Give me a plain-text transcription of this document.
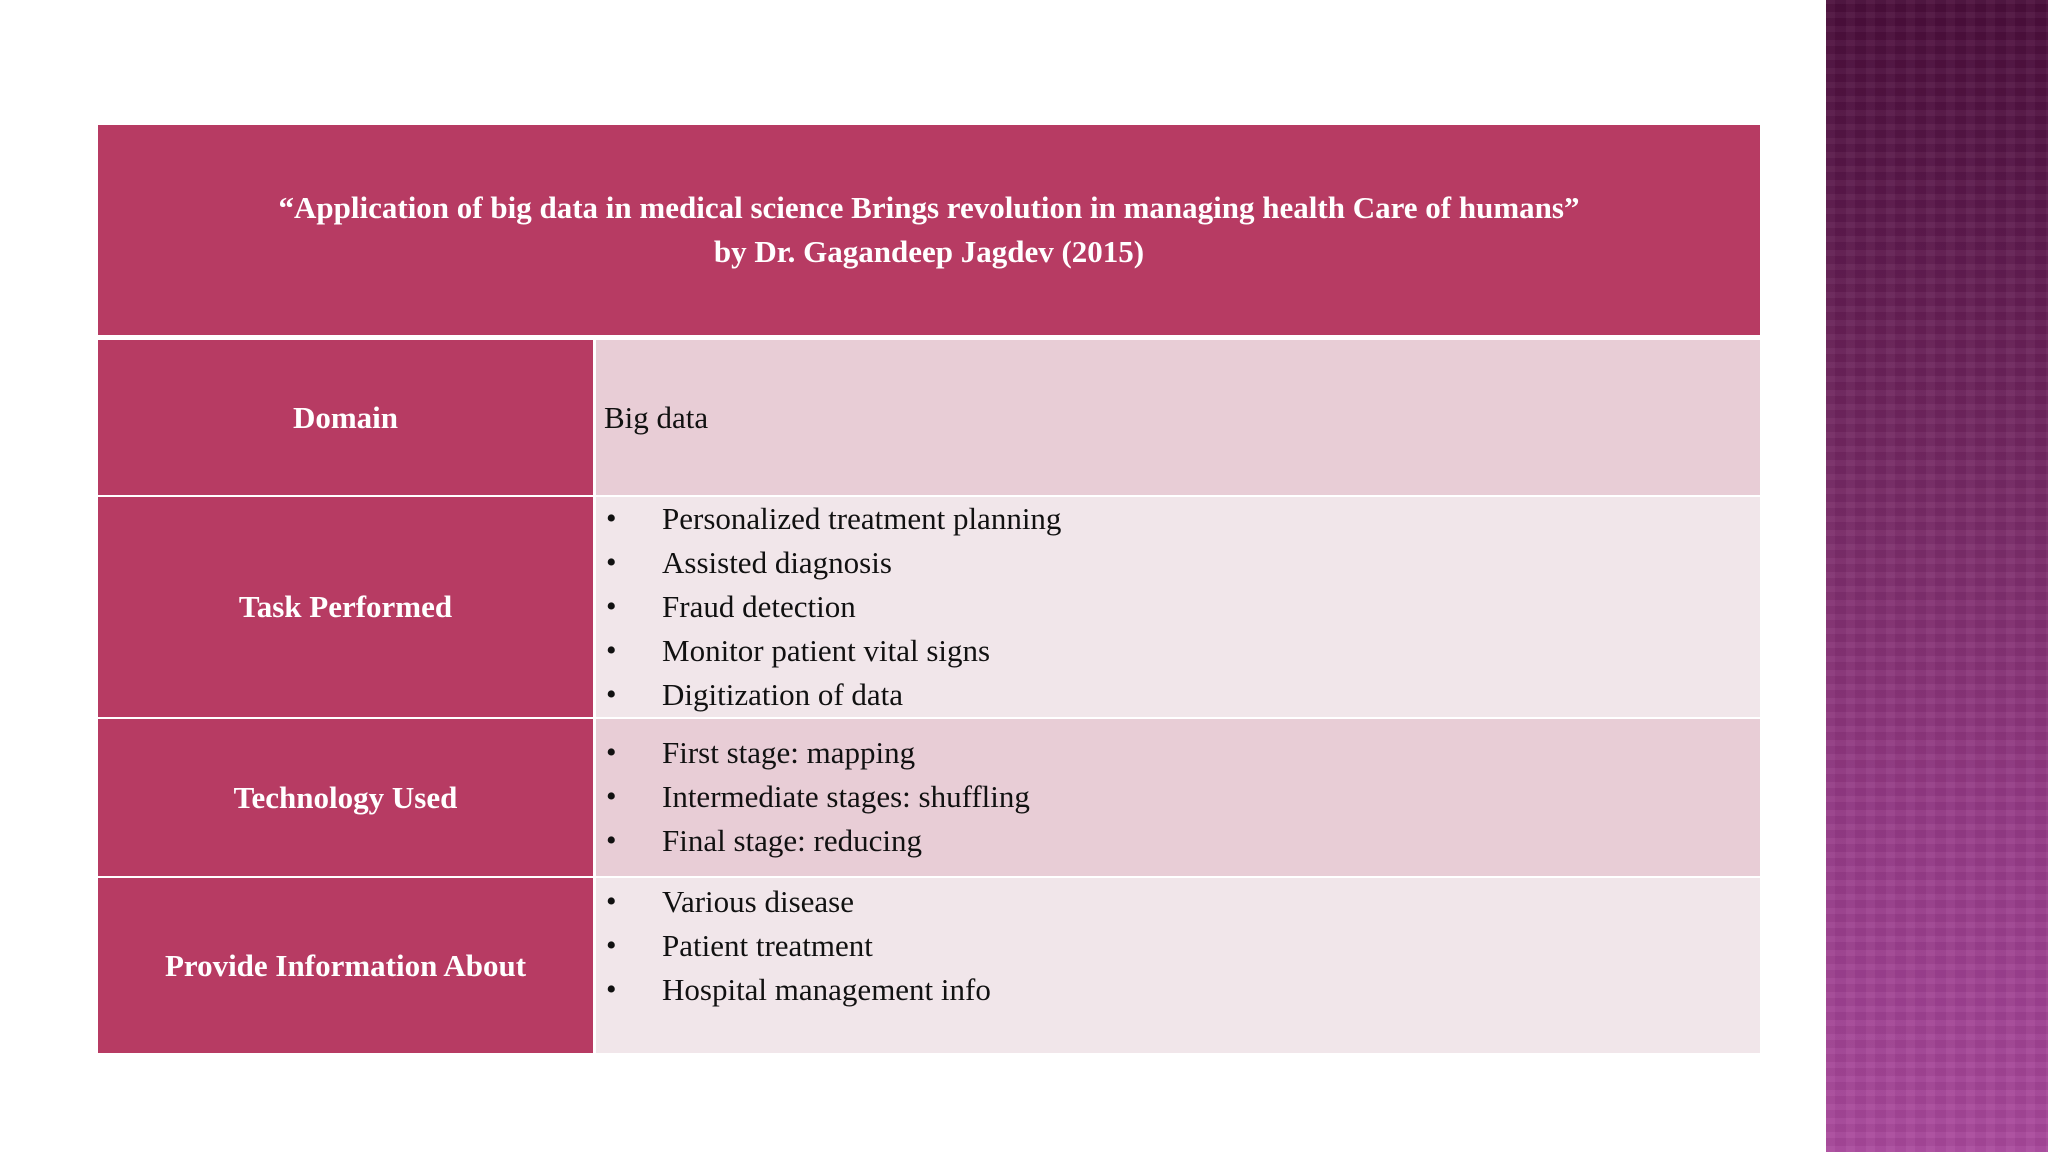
“Application of big data in medical science Brings revolution in managing health Care of humans”
by Dr. Gagandeep Jagdev (2015)
Domain	Big data
Task Performed
• Personalized treatment planning
• Assisted diagnosis
• Fraud detection
• Monitor patient vital signs
• Digitization of data
Technology Used
• First stage: mapping
• Intermediate stages: shuffling
• Final stage: reducing
Provide Information About
• Various disease
• Patient treatment
• Hospital management info
